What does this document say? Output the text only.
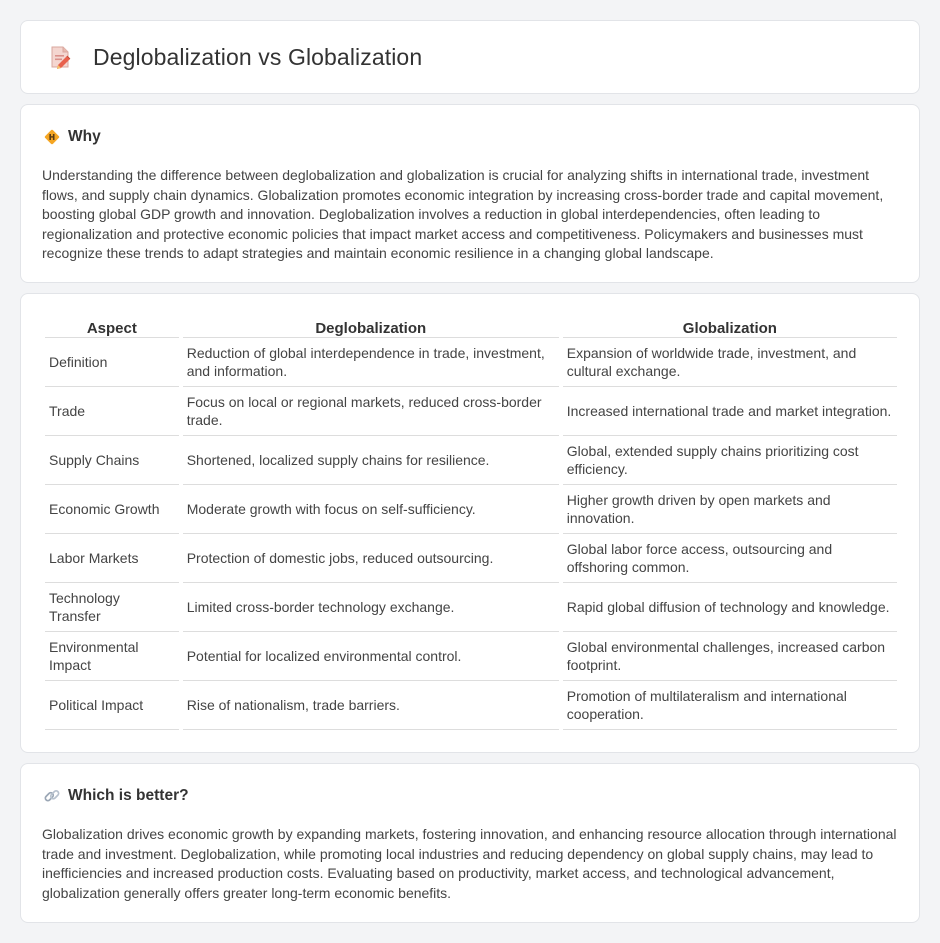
Deglobalization vs Globalization
Why

Understanding the difference between deglobalization and globalization is crucial for analyzing shifts in international trade, investment flows, and supply chain dynamics. Globalization promotes economic integration by increasing cross-border trade and capital movement, boosting global GDP growth and innovation. Deglobalization involves a reduction in global interdependencies, often leading to regionalization and protective economic policies that impact market access and competitiveness. Policymakers and businesses must recognize these trends to adapt strategies and maintain economic resilience in a changing global landscape.

Aspect	Deglobalization	Globalization
Definition	Reduction of global interdependence in trade, investment, and information.	Expansion of worldwide trade, investment, and cultural exchange.
Trade	Focus on local or regional markets, reduced cross-border trade.	Increased international trade and market integration.
Supply Chains	Shortened, localized supply chains for resilience.	Global, extended supply chains prioritizing cost efficiency.
Economic Growth	Moderate growth with focus on self-sufficiency.	Higher growth driven by open markets and innovation.
Labor Markets	Protection of domestic jobs, reduced outsourcing.	Global labor force access, outsourcing and offshoring common.
Technology Transfer	Limited cross-border technology exchange.	Rapid global diffusion of technology and knowledge.
Environmental Impact	Potential for localized environmental control.	Global environmental challenges, increased carbon footprint.
Political Impact	Rise of nationalism, trade barriers.	Promotion of multilateralism and international cooperation.
Which is better?

Globalization drives economic growth by expanding markets, fostering innovation, and enhancing resource allocation through international trade and investment. Deglobalization, while promoting local industries and reducing dependency on global supply chains, may lead to inefficiencies and increased production costs. Evaluating based on productivity, market access, and technological advancement, globalization generally offers greater long-term economic benefits.
